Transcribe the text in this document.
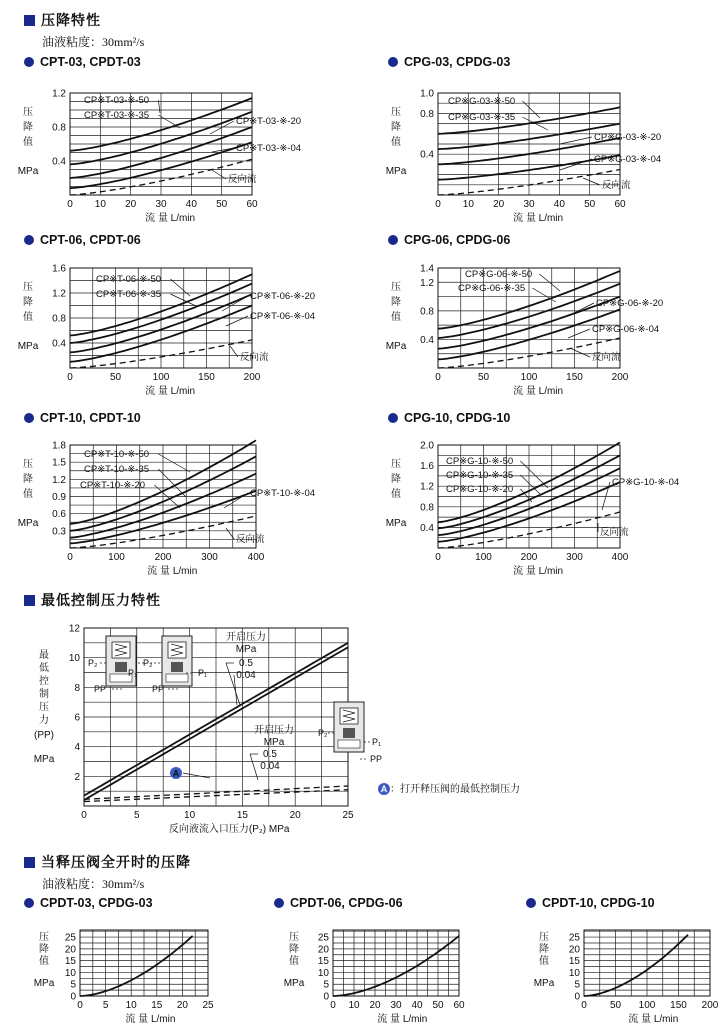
压降特性
油液粘度：30mm²/s
CPT-03, CPDT-03	CPG-03, CPDG-03
CPT-06, CPDT-06	CPG-06, CPDG-06
CPT-10, CPDT-10	CPG-10, CPDG-10
最低控制压力特性
当释压阀全开时的压降
油液粘度：30mm²/s
CPDT-03, CPDG-03	CPDT-06, CPDG-06	CPDT-10, CPDG-10
A ：打开释压阀的最低控制压力
0 10 20 30 40 50 60
0.4
0.8
1.2
压
降
值
MPa
流 量 L/min
CP※T-03-※-50
CP※T-03-※-35
CP※T-03-※-20
CP※T-03-※-04
反向流
0 10 20 30 40 50 60
0.4
0.8
1.0
压
降
值
MPa
流 量 L/min
CP※G-03-※-50
CP※G-03-※-35
CP※G-03-※-20
CP※G-03-※-04
反向流
0	50	100	150	200
0.4
0.8
1.2
1.6
压
降
值
MPa
流 量 L/min
CP※T-06-※-50
CP※T-06-※-35	CP※T-06-※-20
CP※T-06-※-04
反向流
0	50	100	150	200
0.4
0.8
1.2
1.4
压
降
值
MPa
流 量 L/min
CP※G-06-※-50
CP※G-06-※-35
CP※G-06-※-20
CP※G-06-※-04
反向流
0	100	200	300	400
0.3
0.6
0.9
1.2
1.5
1.8
压
降
值
MPa
流 量 L/min
CP※T-10-※-50
CP※T-10-※-35
CP※T-10-※-20
CP※T-10-※-04
反向流
0	100	200	300	400
0.4
0.8
1.2
1.6
2.0
压
降
值
MPa
流 量 L/min
CP※G-10-※-50
CP※G-10-※-35
CP※G-10-※-20
CP※G-10-※-04
反向流
0	5	10	15	20	25
2
4
6
8
10
12
最
低
控
制
压
力
(PP)
MPa
反向液流入口压力(P₂) MPa
0 5 10 15 20 25
0
5
10
15
20
25
压
降
值
MPa
流 量 L/min
0 10 20 30 40 50 60
0
5
10
15
20
25
压
降
值
MPa
流 量 L/min
0 50 100 150 200
0
5
10
15
20
25
压
降
值
MPa
流 量 L/min
开启压力
MPa
0.5
0.04
开启压力
MPa
0.5
0.04
A
P₂
PP
P₁
P₂
PP
P₁
P₂
P₁
PP
